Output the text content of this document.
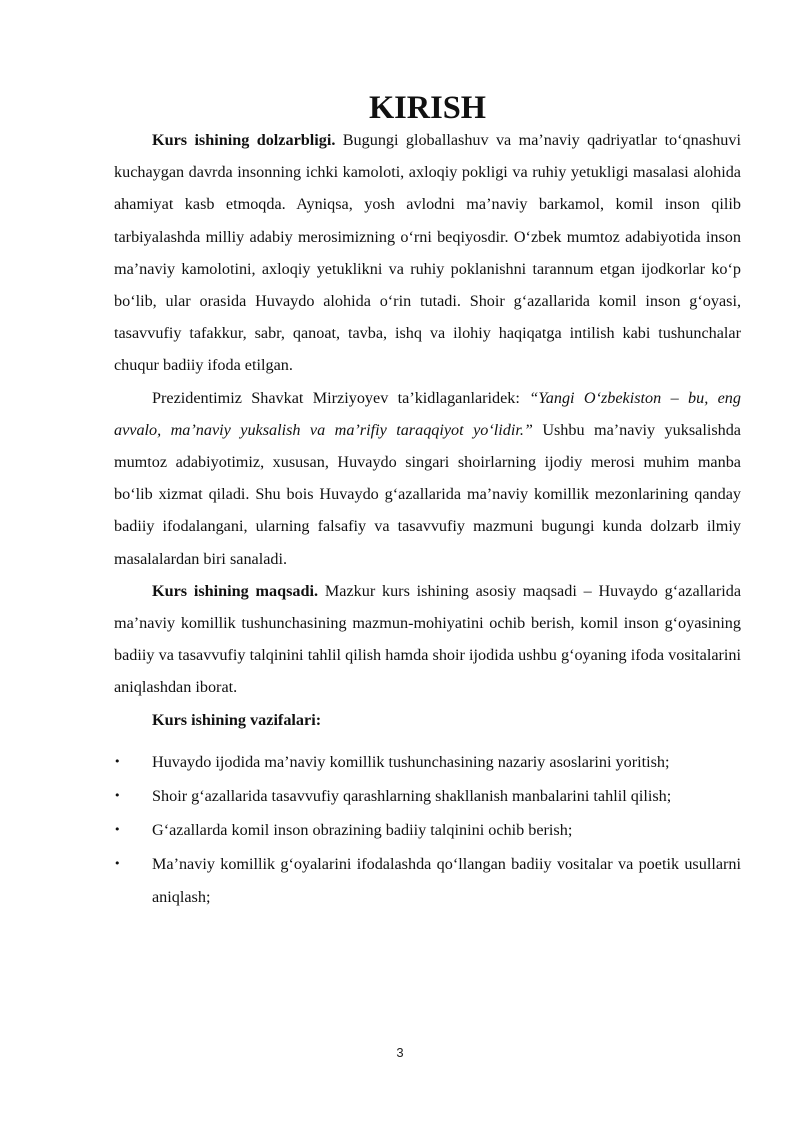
KIRISH

Kurs ishining dolzarbligi. Bugungi globallashuv va ma’naviy qadriyatlar to‘qnashuvi kuchaygan davrda insonning ichki kamoloti, axloqiy pokligi va ruhiy yetukligi masalasi alohida ahamiyat kasb etmoqda. Ayniqsa, yosh avlodni ma’naviy barkamol, komil inson qilib tarbiyalashda milliy adabiy merosimizning o‘rni beqiyosdir. O‘zbek mumtoz adabiyotida inson ma’naviy kamolotini, axloqiy yetuklikni va ruhiy poklanishni tarannum etgan ijodkorlar ko‘p bo‘lib, ular orasida Huvaydo alohida o‘rin tutadi. Shoir g‘azallarida komil inson g‘oyasi, tasavvufiy tafakkur, sabr, qanoat, tavba, ishq va ilohiy haqiqatga intilish kabi tushunchalar chuqur badiiy ifoda etilgan.

Prezidentimiz Shavkat Mirziyoyev ta’kidlaganlaridek: “Yangi O‘zbekiston – bu, eng avvalo, ma’naviy yuksalish va ma’rifiy taraqqiyot yo‘lidir.” Ushbu ma’naviy yuksalishda mumtoz adabiyotimiz, xususan, Huvaydo singari shoirlarning ijodiy merosi muhim manba bo‘lib xizmat qiladi. Shu bois Huvaydo g‘azallarida ma’naviy komillik mezonlarining qanday badiiy ifodalangani, ularning falsafiy va tasavvufiy mazmuni bugungi kunda dolzarb ilmiy masalalardan biri sanaladi.

Kurs ishining maqsadi. Mazkur kurs ishining asosiy maqsadi – Huvaydo g‘azallarida ma’naviy komillik tushunchasining mazmun-mohiyatini ochib berish, komil inson g‘oyasining badiiy va tasavvufiy talqinini tahlil qilish hamda shoir ijodida ushbu g‘oyaning ifoda vositalarini aniqlashdan iborat.

Kurs ishining vazifalari:

• Huvaydo ijodida ma’naviy komillik tushunchasining nazariy asoslarini yoritish;
• Shoir g‘azallarida tasavvufiy qarashlarning shakllanish manbalarini tahlil qilish;
• G‘azallarda komil inson obrazining badiiy talqinini ochib berish;
• Ma’naviy komillik g‘oyalarini ifodalashda qo‘llangan badiiy vositalar va poetik usullarni aniqlash;
3
